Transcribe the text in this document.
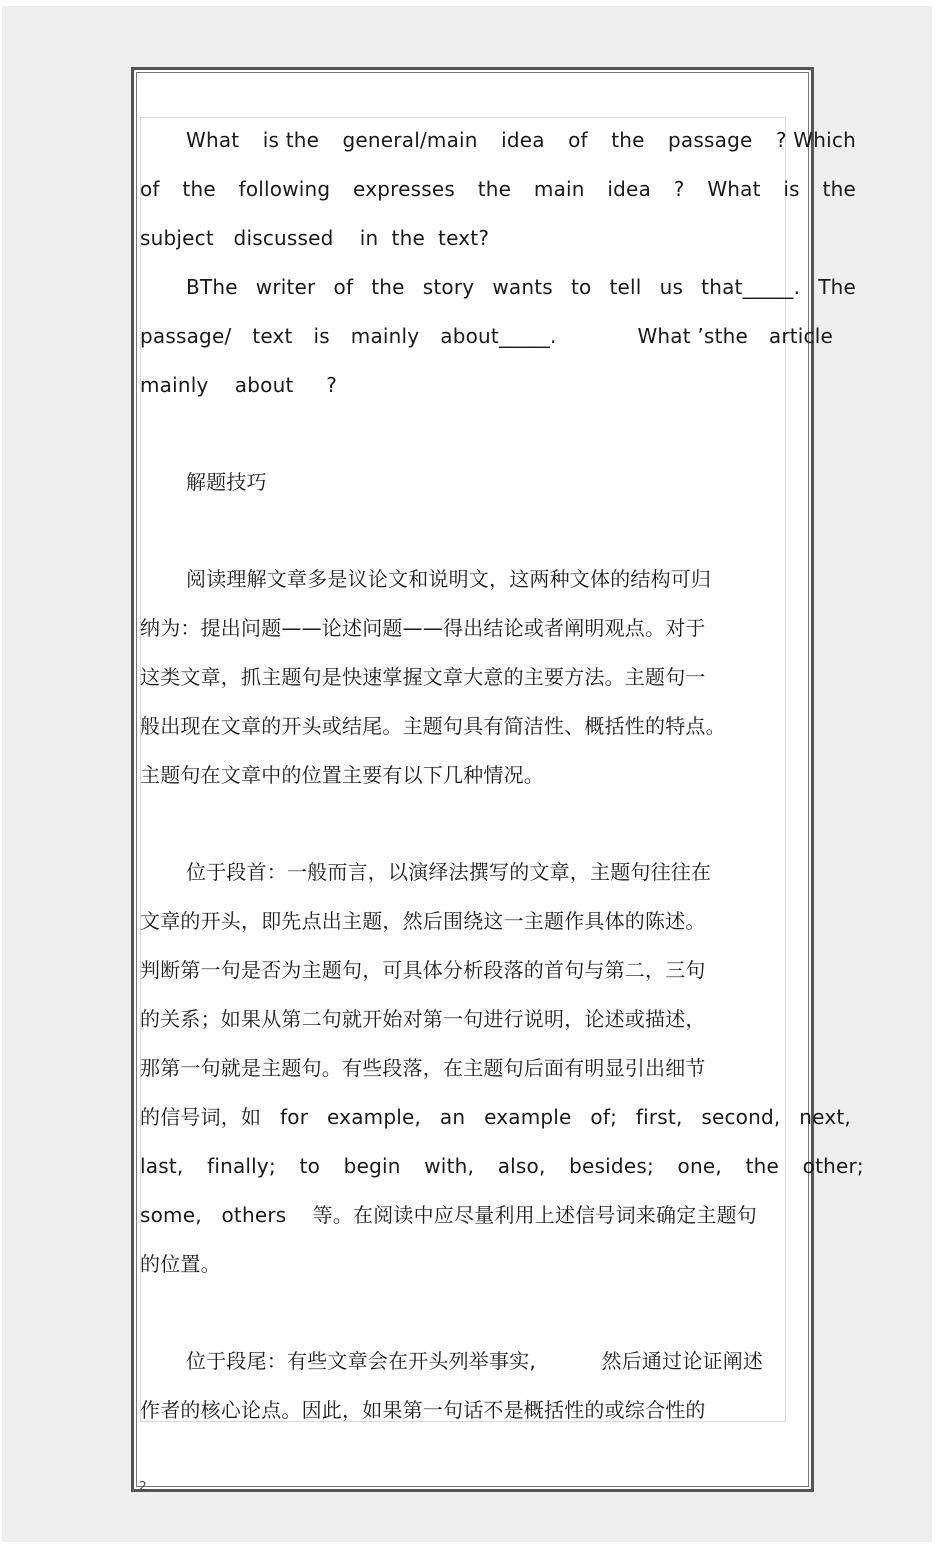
What is the general/main idea of the passage ? Which
of the following expresses the main idea ? What is the
subject   discussed    in  the  text?
BThe writer of the story wants to tell us that_____. The
passage/ text is mainly about_____.	What ’sthe article
mainly    about     ?
解题技巧
阅读理解文章多是议论文和说明文，这两种文体的结构可归
纳为：提出问题——论述问题——得出结论或者阐明观点。对于
这类文章，抓主题句是快速掌握文章大意的主要方法。主题句一
般出现在文章的开头或结尾。主题句具有简洁性、概括性的特点。
主题句在文章中的位置主要有以下几种情况。
位于段首：一般而言，以演绎法撰写的文章，主题句往往在
文章的开头，即先点出主题，然后围绕这一主题作具体的陈述。
判断第一句是否为主题句，可具体分析段落的首句与第二，三句
的关系；如果从第二句就开始对第一句进行说明，论述或描述，
那第一句就是主题句。有些段落，在主题句后面有明显引出细节
的信号词，如 for example, an example of; first, second, next,
last, finally; to begin with, also, besides; one, the other;
some,   others    等。在阅读中应尽量利用上述信号词来确定主题句
的位置。
位于段尾：有些文章会在开头列举事实,          然后通过论证阐述
作者的核心论点。因此，如果第一句话不是概括性的或综合性的
2
